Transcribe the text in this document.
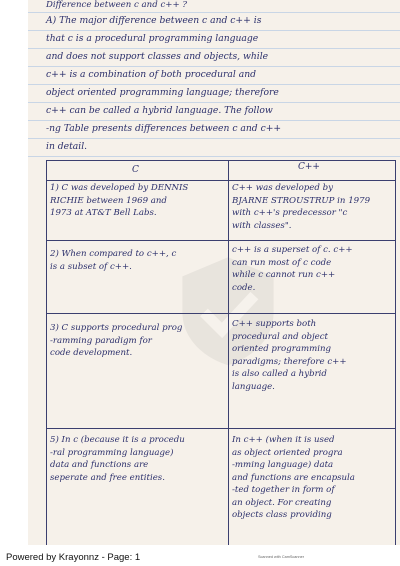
Difference between c and c++ ?
A) The major difference between c and c++ is
that c is a procedural programming language
and does not support classes and objects, while
c++ is a combination of both procedural and
object oriented programming language; therefore
c++ can be called a hybrid language. The follow
-ng Table presents differences between c and c++
in detail.
C	C++
1) C was developed by DENNIS
RICHIE between 1969 and
1973 at AT&T Bell Labs.
C++ was developed by
BJARNE STROUSTRUP in 1979
with c++'s predecessor "c
with classes".
2) When compared to c++, c
is a subset of c++.
c++ is a superset of c. c++
can run most of c code
while c cannot run c++
code.
3) C supports procedural prog
-ramming paradigm for
code development.
C++ supports both
procedural and object
oriented programming
paradigms; therefore c++
is also called a hybrid
language.
5) In c (because it is a procedu
-ral programming language)
data and functions are
seperate and free entities.
In c++ (when it is used
as object oriented progra
-mming language) data
and functions are encapsula
-ted together in form of
an object. For creating
objects class providing
Powered by Krayonnz - Page: 1	Scanned with CamScanner
